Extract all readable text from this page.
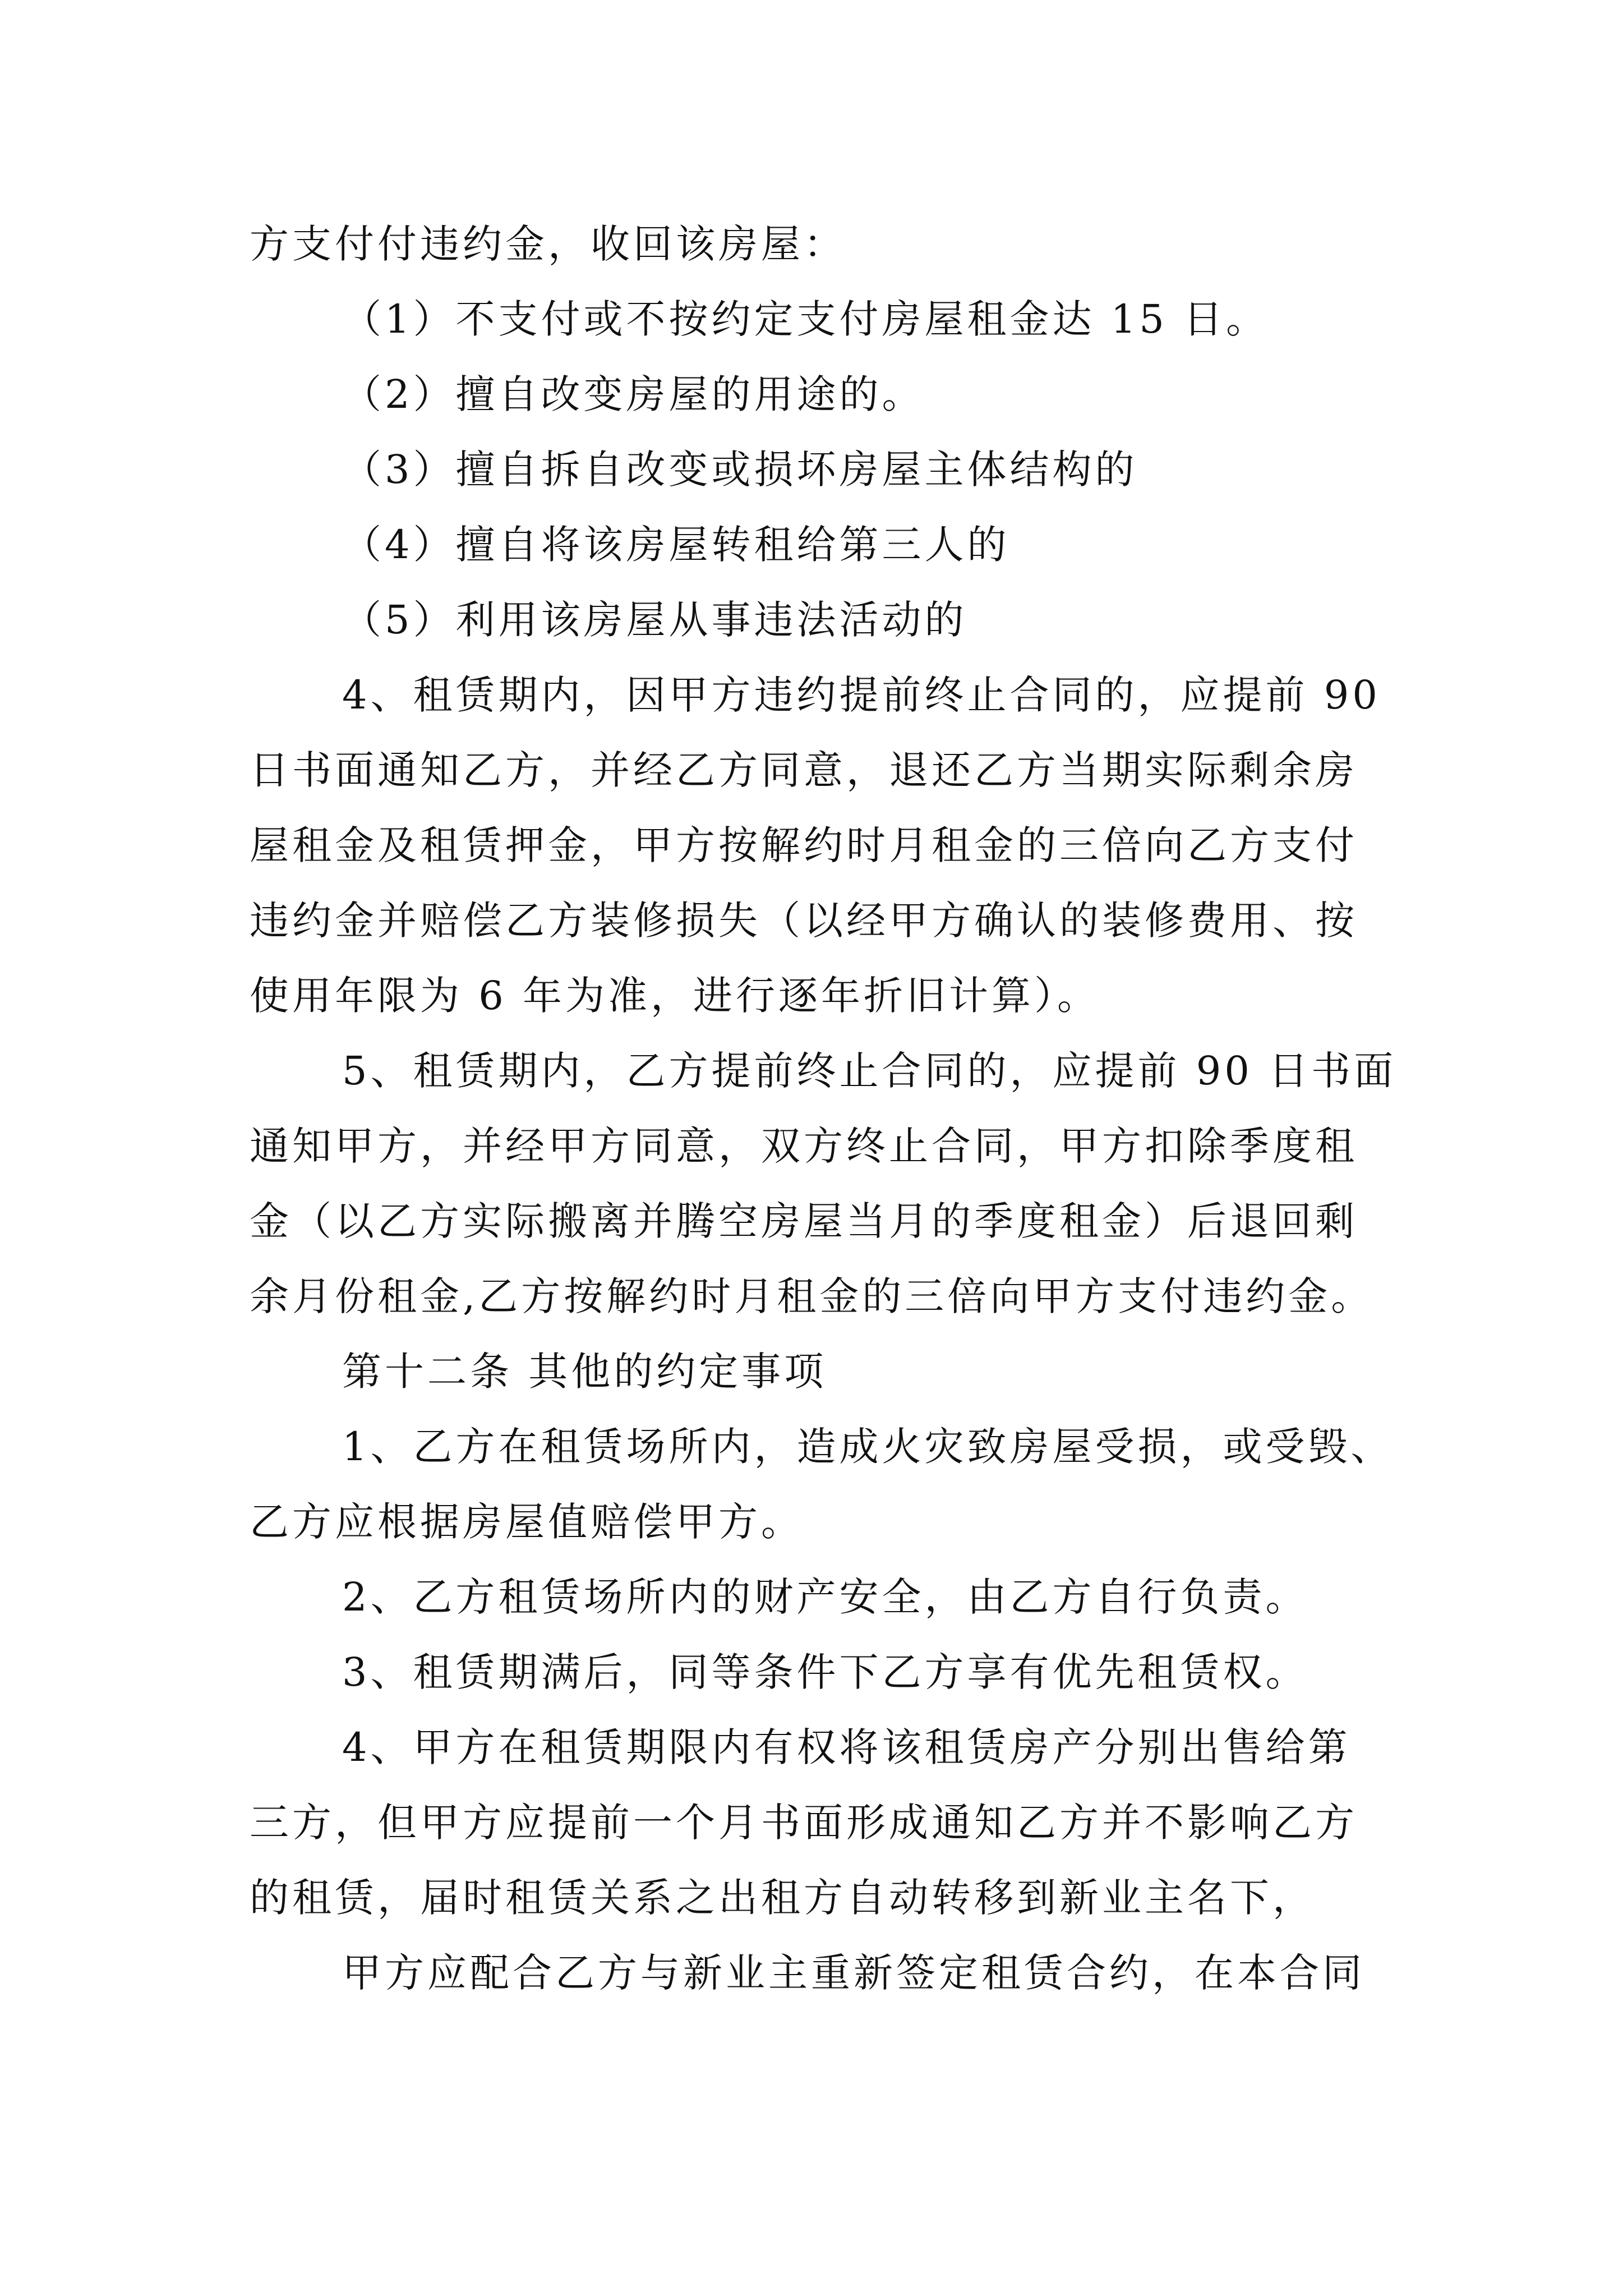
方支付付违约金，收回该房屋：
（1）不支付或不按约定支付房屋租金达 15 日。
（2）擅自改变房屋的用途的。
（3）擅自拆自改变或损坏房屋主体结构的
（4）擅自将该房屋转租给第三人的
（5）利用该房屋从事违法活动的
4、租赁期内，因甲方违约提前终止合同的，应提前 90
日书面通知乙方，并经乙方同意，退还乙方当期实际剩余房
屋租金及租赁押金，甲方按解约时月租金的三倍向乙方支付
违约金并赔偿乙方装修损失（以经甲方确认的装修费用、按
使用年限为 6 年为准，进行逐年折旧计算）。
5、租赁期内，乙方提前终止合同的，应提前 90 日书面
通知甲方，并经甲方同意，双方终止合同，甲方扣除季度租
金（以乙方实际搬离并腾空房屋当月的季度租金）后退回剩
余月份租金,乙方按解约时月租金的三倍向甲方支付违约金。
第十二条 其他的约定事项
1、乙方在租赁场所内，造成火灾致房屋受损，或受毁、
乙方应根据房屋值赔偿甲方。
2、乙方租赁场所内的财产安全，由乙方自行负责。
3、租赁期满后，同等条件下乙方享有优先租赁权。
4、甲方在租赁期限内有权将该租赁房产分别出售给第
三方，但甲方应提前一个月书面形成通知乙方并不影响乙方
的租赁，届时租赁关系之出租方自动转移到新业主名下，
甲方应配合乙方与新业主重新签定租赁合约，在本合同
